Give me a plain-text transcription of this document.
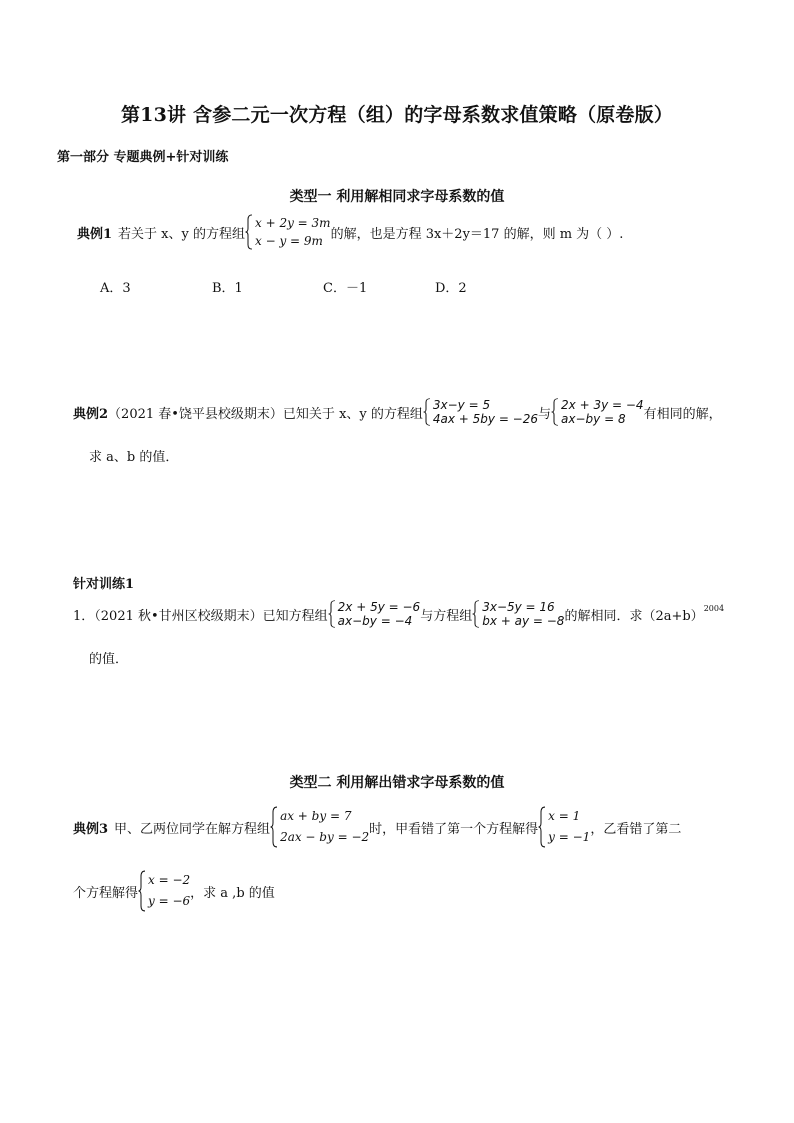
第13讲 含参二元一次方程（组）的字母系数求值策略（原卷版）
第一部分 专题典例+针对训练
类型一 利用解相同求字母系数的值
典例1 若关于 x、y 的方程组
x + 2y = 3m
x − y = 9m 的解，也是方程 3x＋2y＝17 的解，则 m 为（ ）.
A．3	B．1	C．－1	D．2
典例2 （2021 春•饶平县校级期末）已知关于 x、y 的方程组
3x−y = 5
4ax + 5by = −26 与
2x + 3y = −4
ax−by = 8	有相同的解，
求 a、b 的值．
针对训练1
1．（2021 秋•甘州区校级期末）已知方程组
2x + 5y = −6
ax−by = −4 与方程组
3x−5y = 16
bx + ay = −8 的解相同．求（2a+b）
$^{2004}$
的值．
类型二 利用解出错求字母系数的值
典例3 甲、乙两位同学在解方程组
ax + by = 7
2ax − by = −2
时，甲看错了第一个方程解得
x = 1
y = −1
，乙看错了第二
个方程解得
x = −2
y = −6
，求 a ,b 的值
